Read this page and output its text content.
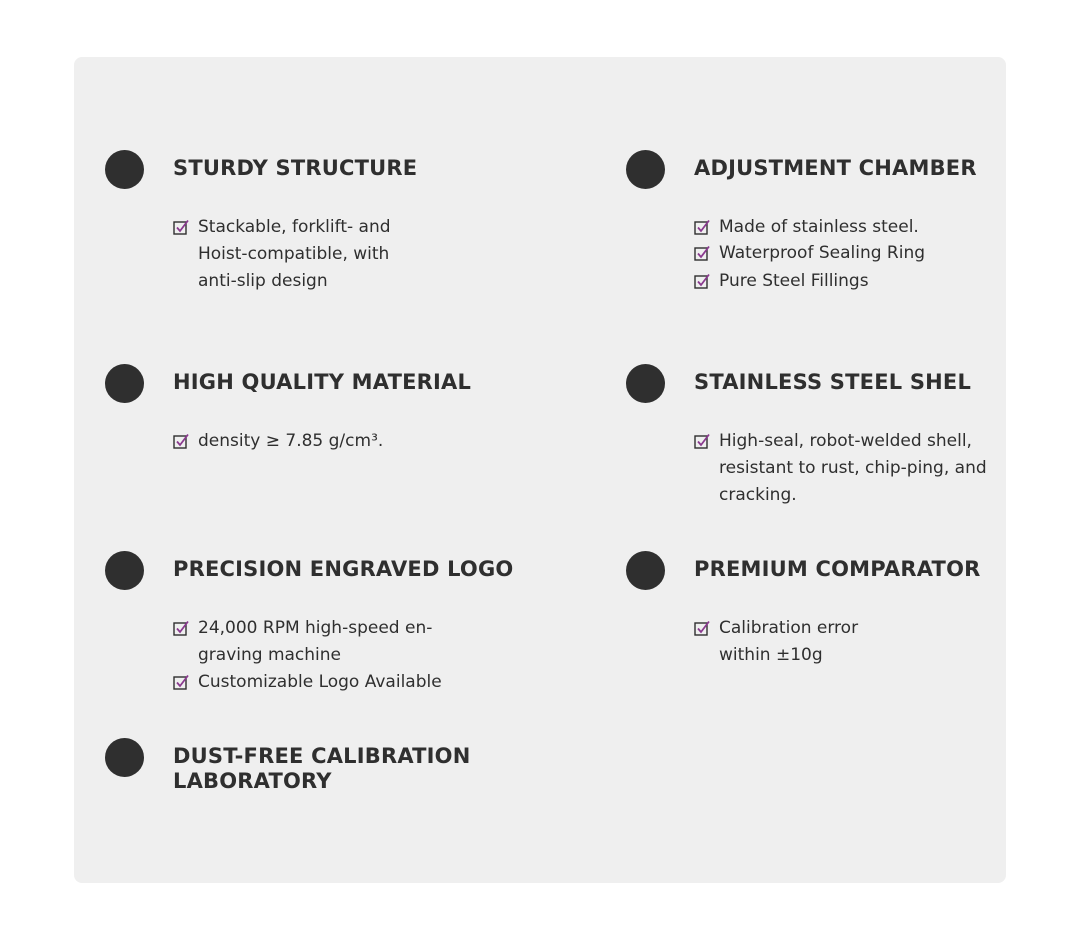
STURDY STRUCTURE
Stackable, forklift- and Hoist-compatible, with anti-slip design
ADJUSTMENT CHAMBER
Made of stainless steel.
Waterproof Sealing Ring
Pure Steel Fillings
HIGH QUALITY MATERIAL
density ≥ 7.85 g/cm³.
STAINLESS STEEL SHEL
High-seal, robot-welded shell, resistant to rust, chip-ping, and cracking.
PRECISION ENGRAVED LOGO
24,000 RPM high-speed en-graving machine
Customizable Logo Available
PREMIUM COMPARATOR
Calibration error within ±10g
DUST-FREE CALIBRATION LABORATORY
